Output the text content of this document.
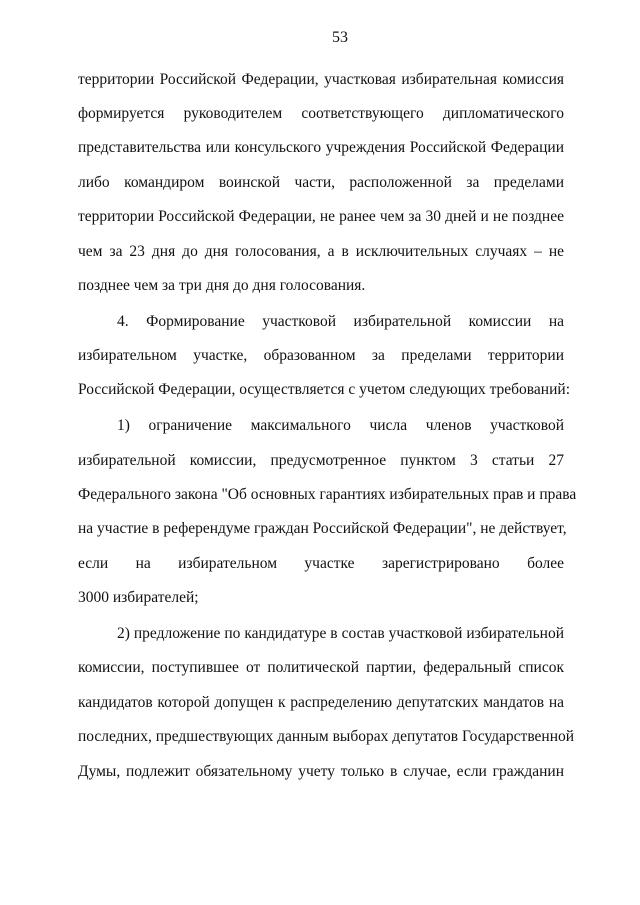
53
территории Российской Федерации, участковая избирательная комиссия
формируется руководителем соответствующего дипломатического
представительства или консульского учреждения Российской Федерации
либо командиром воинской части, расположенной за пределами
территории Российской Федерации, не ранее чем за 30 дней и не позднее
чем за 23 дня до дня голосования, а в исключительных случаях – не
позднее чем за три дня до дня голосования.
4. Формирование участковой избирательной комиссии на
избирательном участке, образованном за пределами территории
Российской Федерации, осуществляется с учетом следующих требований:
1) ограничение максимального числа членов участковой
избирательной комиссии, предусмотренное пунктом 3 статьи 27
Федерального закона "Об основных гарантиях избирательных прав и права
на участие в референдуме граждан Российской Федерации", не действует,
если на избирательном участке зарегистрировано более
3000 избирателей;
2) предложение по кандидатуре в состав участковой избирательной
комиссии, поступившее от политической партии, федеральный список
кандидатов которой допущен к распределению депутатских мандатов на
последних, предшествующих данным выборах депутатов Государственной
Думы, подлежит обязательному учету только в случае, если гражданин
